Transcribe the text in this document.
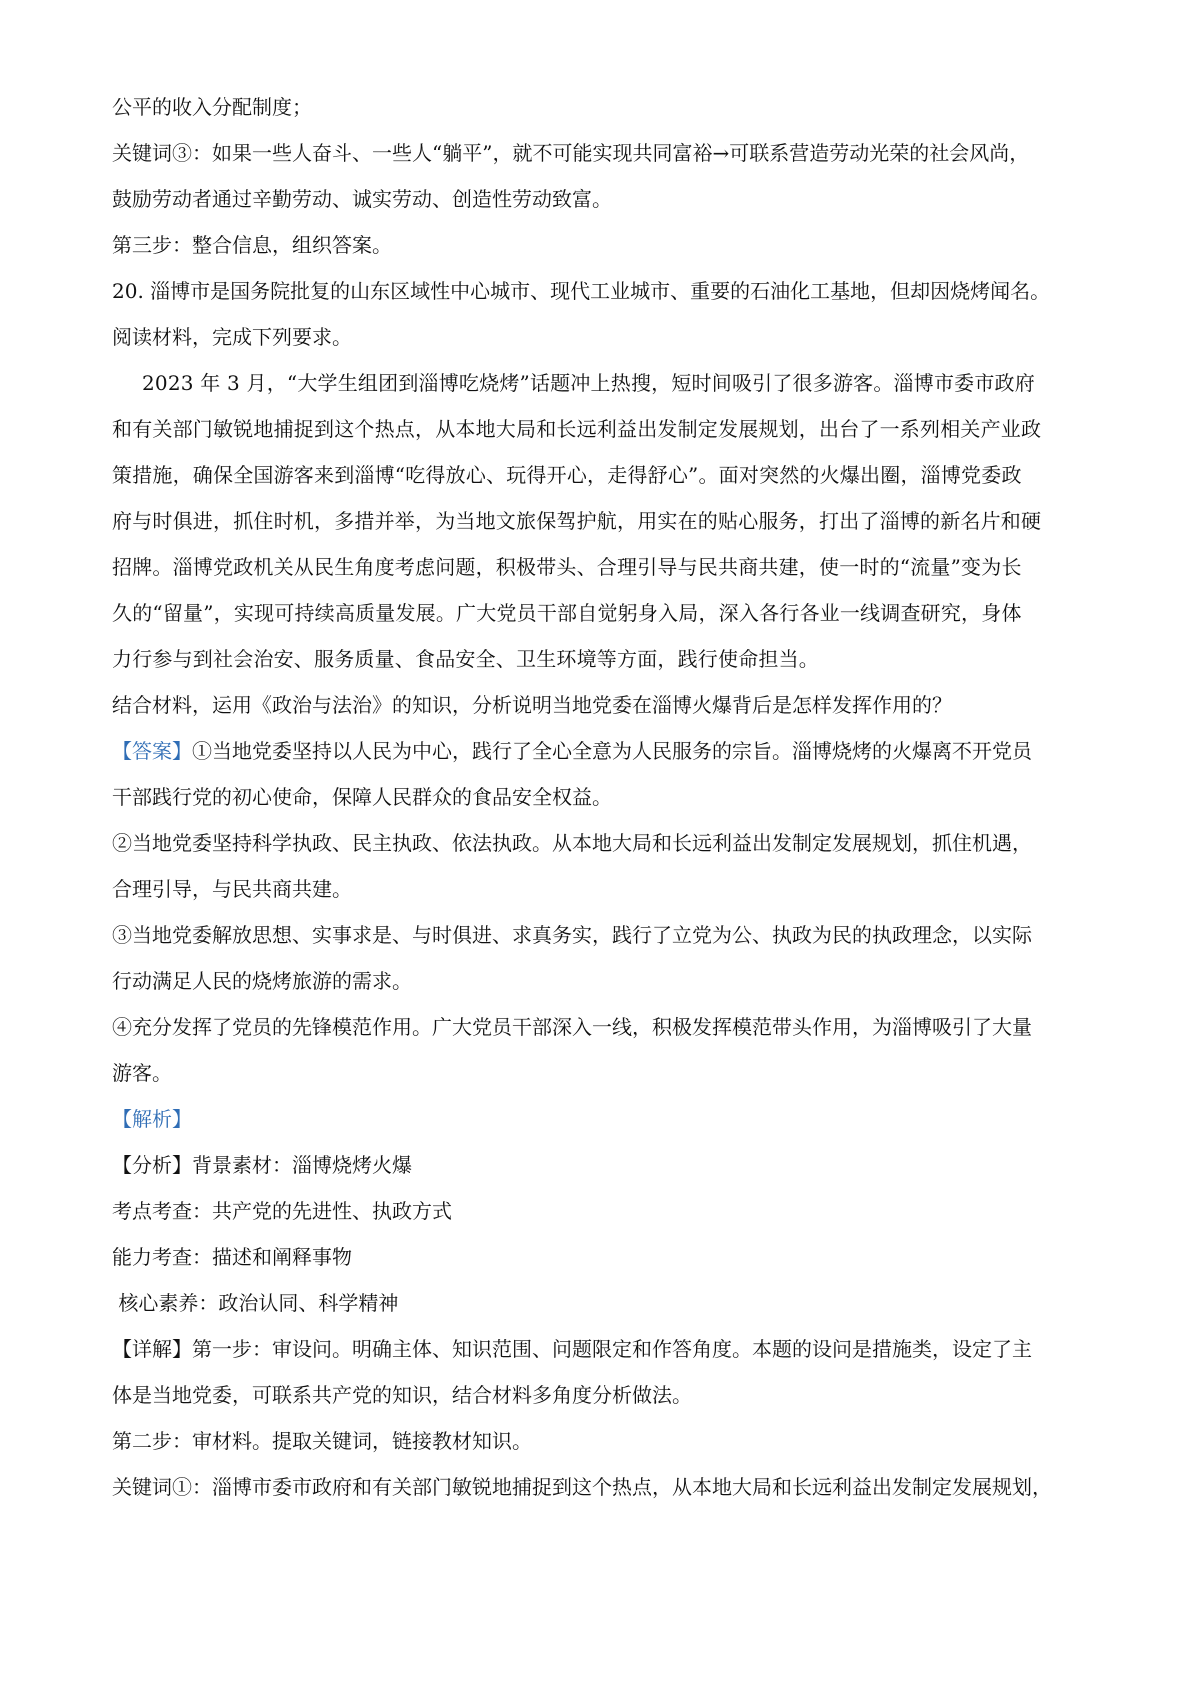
公平的收入分配制度；
关键词③：如果一些人奋斗、一些人“躺平”，就不可能实现共同富裕→可联系营造劳动光荣的社会风尚，
鼓励劳动者通过辛勤劳动、诚实劳动、创造性劳动致富。
第三步：整合信息，组织答案。
20. 淄博市是国务院批复的山东区域性中心城市、现代工业城市、重要的石油化工基地，但却因烧烤闻名。
阅读材料，完成下列要求。
2023 年 3 月，“大学生组团到淄博吃烧烤”话题冲上热搜，短时间吸引了很多游客。淄博市委市政府
和有关部门敏锐地捕捉到这个热点，从本地大局和长远利益出发制定发展规划，出台了一系列相关产业政
策措施，确保全国游客来到淄博“吃得放心、玩得开心，走得舒心”。面对突然的火爆出圈，淄博党委政
府与时俱进，抓住时机，多措并举，为当地文旅保驾护航，用实在的贴心服务，打出了淄博的新名片和硬
招牌。淄博党政机关从民生角度考虑问题，积极带头、合理引导与民共商共建，使一时的“流量”变为长
久的“留量”，实现可持续高质量发展。广大党员干部自觉躬身入局，深入各行各业一线调查研究，身体
力行参与到社会治安、服务质量、食品安全、卫生环境等方面，践行使命担当。
结合材料，运用《政治与法治》的知识，分析说明当地党委在淄博火爆背后是怎样发挥作用的？
【答案】①当地党委坚持以人民为中心，践行了全心全意为人民服务的宗旨。淄博烧烤的火爆离不开党员
干部践行党的初心使命，保障人民群众的食品安全权益。
②当地党委坚持科学执政、民主执政、依法执政。从本地大局和长远利益出发制定发展规划，抓住机遇，
合理引导，与民共商共建。
③当地党委解放思想、实事求是、与时俱进、求真务实，践行了立党为公、执政为民的执政理念，以实际
行动满足人民的烧烤旅游的需求。
④充分发挥了党员的先锋模范作用。广大党员干部深入一线，积极发挥模范带头作用，为淄博吸引了大量
游客。
【解析】
【分析】背景素材：淄博烧烤火爆
考点考查：共产党的先进性、执政方式
能力考查：描述和阐释事物
核心素养：政治认同、科学精神
【详解】第一步：审设问。明确主体、知识范围、问题限定和作答角度。本题的设问是措施类，设定了主
体是当地党委，可联系共产党的知识，结合材料多角度分析做法。
第二步：审材料。提取关键词，链接教材知识。
关键词①：淄博市委市政府和有关部门敏锐地捕捉到这个热点，从本地大局和长远利益出发制定发展规划，
